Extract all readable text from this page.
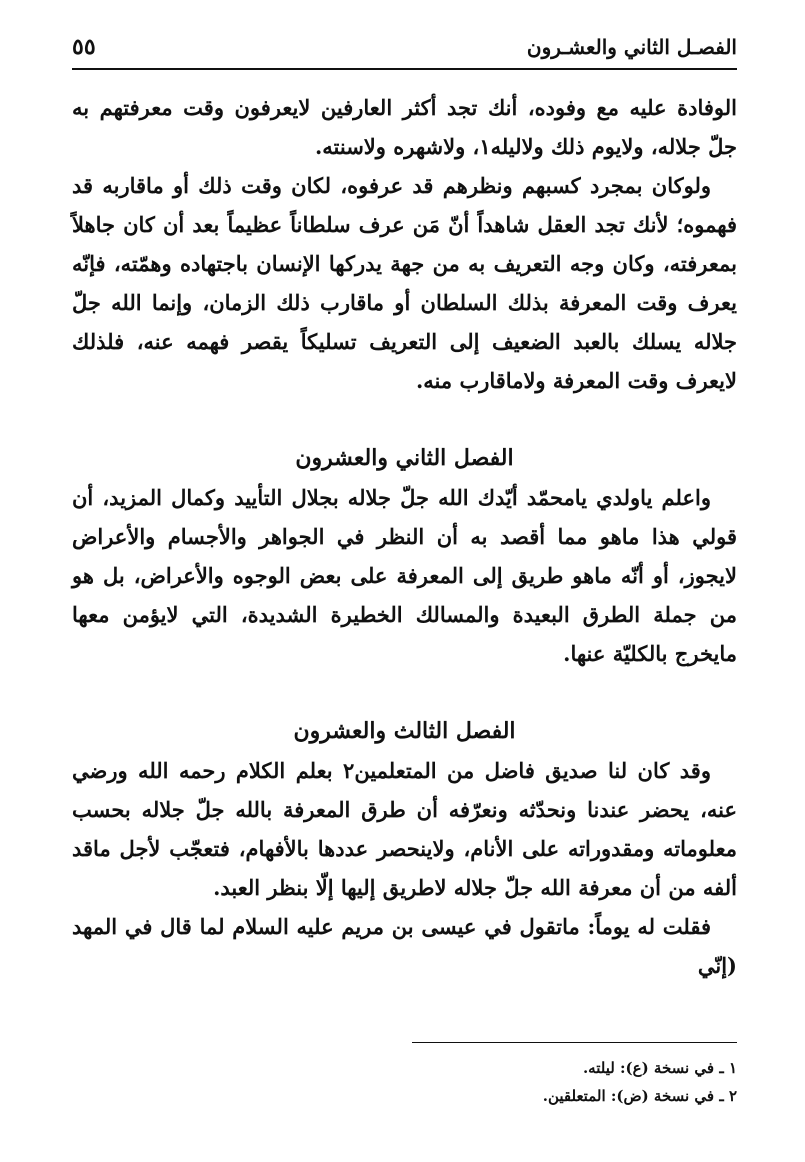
الفصـل الثاني والعشـرون
٥٥

الوفادة عليه مع وفوده، أنك تجد أكثر العارفين لايعرفون وقت معرفتهم به جلّ جلاله، ولايوم ذلك ولاليله١، ولاشهره ولاسنته.

ولوكان بمجرد كسبهم ونظرهم قد عرفوه، لكان وقت ذلك أو ماقاربه قد فهموه؛ لأنك تجد العقل شاهداً أنّ مَن عرف سلطاناً عظيماً بعد أن كان جاهلاً بمعرفته، وكان وجه التعريف به من جهة يدركها الإنسان باجتهاده وهمّته، فإنّه يعرف وقت المعرفة بذلك السلطان أو ماقارب ذلك الزمان، وإنما الله جلّ جلاله يسلك بالعبد الضعيف إلى التعريف تسليكاً يقصر فهمه عنه، فلذلك لايعرف وقت المعرفة ولاماقارب منه.

الفصل الثاني والعشرون

واعلم ياولدي يامحمّد أيّدك الله جلّ جلاله بجلال التأييد وكمال المزيد، أن قولي هذا ماهو مما أقصد به أن النظر في الجواهر والأجسام والأعراض لايجوز، أو أنّه ماهو طريق إلى المعرفة على بعض الوجوه والأعراض، بل هو من جملة الطرق البعيدة والمسالك الخطيرة الشديدة، التي لايؤمن معها مايخرج بالكليّة عنها.

الفصل الثالث والعشرون

وقد كان لنا صديق فاضل من المتعلمين٢ بعلم الكلام رحمه الله ورضي عنه، يحضر عندنا ونحدّثه ونعرّفه أن طرق المعرفة بالله جلّ جلاله بحسب معلوماته ومقدوراته على الأنام، ولاينحصر عددها بالأفهام، فتعجّب لأجل ماقد ألفه من أن معرفة الله جلّ جلاله لاطريق إليها إلّا بنظر العبد.

فقلت له يوماً: ماتقول في عيسى بن مريم عليه السلام لما قال في المهد (إنّي

١ ـ في نسخة (ع): ليلته.

٢ ـ في نسخة (ض): المتعلقين.
